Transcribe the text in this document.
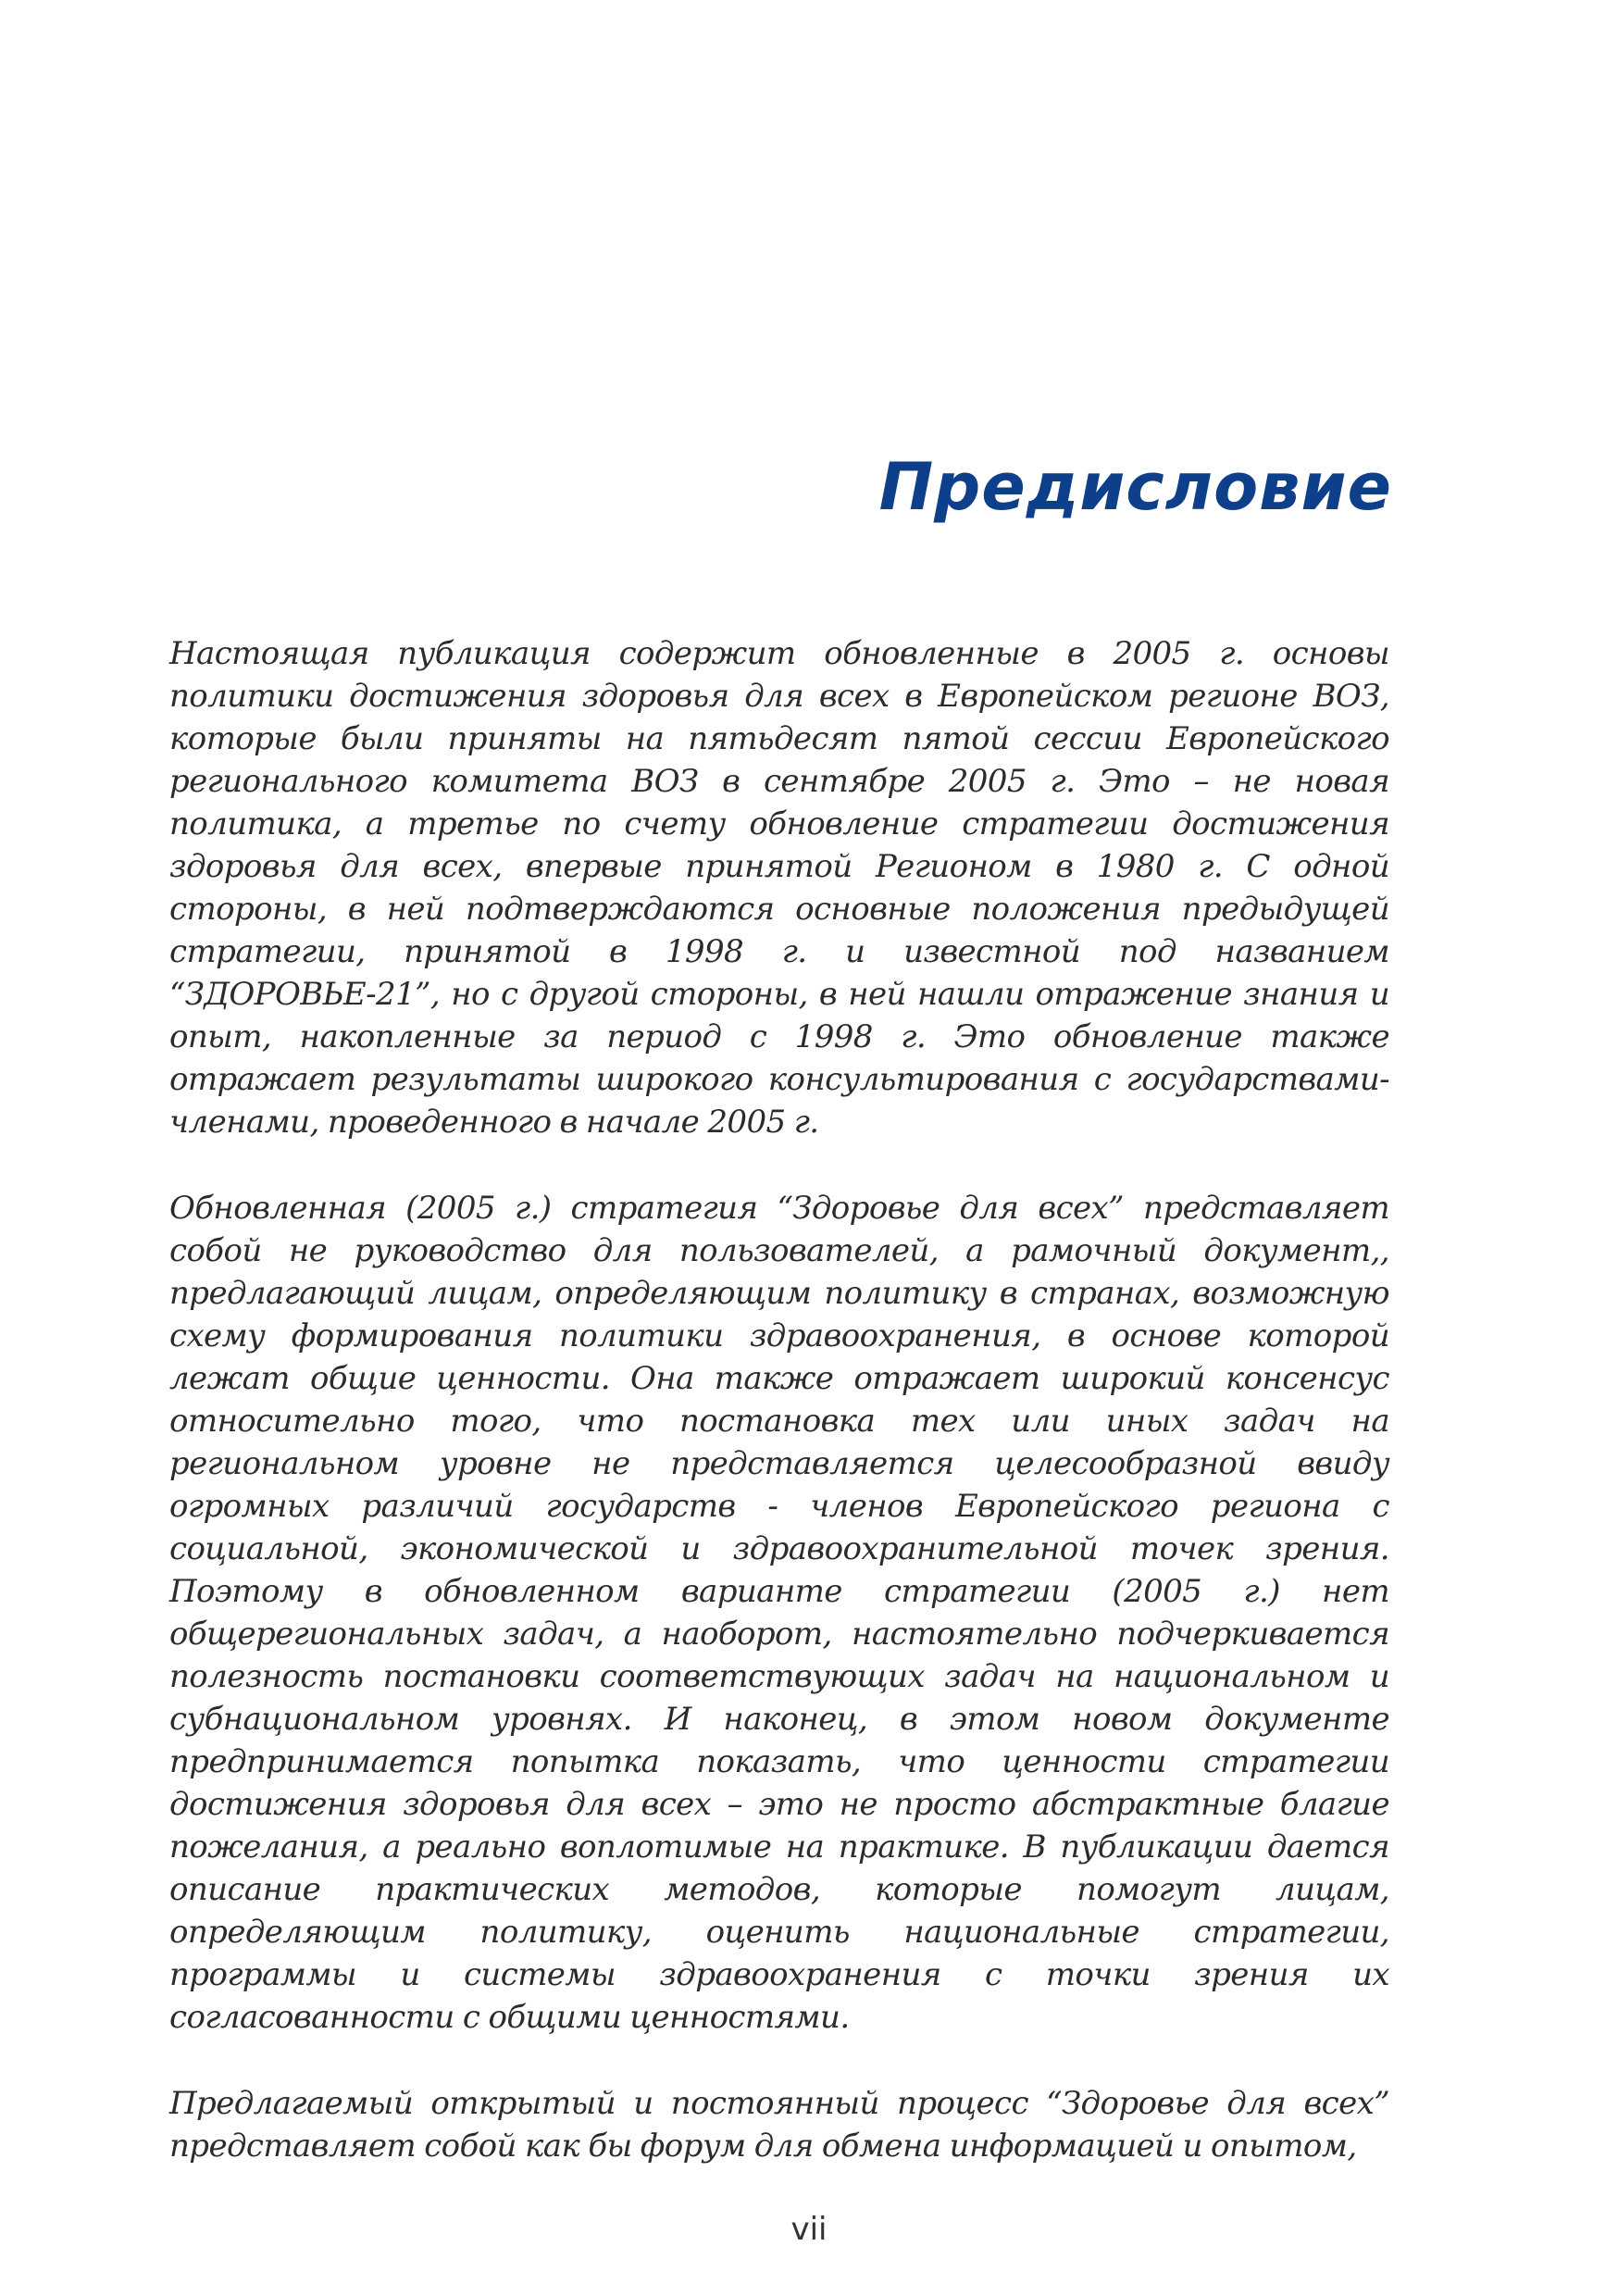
Предисловие

Настоящая публикация содержит обновленные в 2005 г. основы политики достижения здоровья для всех в Европейском регионе ВОЗ, которые были приняты на пятьдесят пятой сессии Европейского регионального комитета ВОЗ в сентябре 2005 г. Это – не новая политика, а третье по счету обновление стратегии достижения здоровья для всех, впервые принятой Регионом в 1980 г. С одной стороны, в ней подтверждаются основные положения предыдущей стратегии, принятой в 1998 г. и известной под названием “ЗДОРОВЬЕ-21”, но с другой стороны, в ней нашли отражение знания и опыт, накопленные за период с 1998 г. Это обновление также отражает результаты широкого консультирования с государствами-членами, проведенного в начале 2005 г.

Обновленная (2005 г.) стратегия “Здоровье для всех” представляет собой не руководство для пользователей, а рамочный документ,, предлагающий лицам, определяющим политику в странах, возможную схему формирования политики здравоохранения, в основе которой лежат общие ценности. Она также отражает широкий консенсус относительно того, что постановка тех или иных задач на региональном уровне не представляется целесообразной ввиду огромных различий государств - членов Европейского региона с социальной, экономической и здравоохранительной точек зрения. Поэтому в обновленном варианте стратегии (2005 г.) нет общерегиональных задач, а наоборот, настоятельно подчеркивается полезность постановки соответствующих задач на национальном и субнациональном уровнях. И наконец, в этом новом документе предпринимается попытка показать, что ценности стратегии достижения здоровья для всех – это не просто абстрактные благие пожелания, а реально воплотимые на практике. В публикации дается описание практических методов, которые помогут лицам, определяющим политику, оценить национальные стратегии, программы и системы здравоохранения с точки зрения их согласованности с общими ценностями.

Предлагаемый открытый и постоянный процесс “Здоровье для всех” представляет собой как бы форум для обмена информацией и опытом,

vii
